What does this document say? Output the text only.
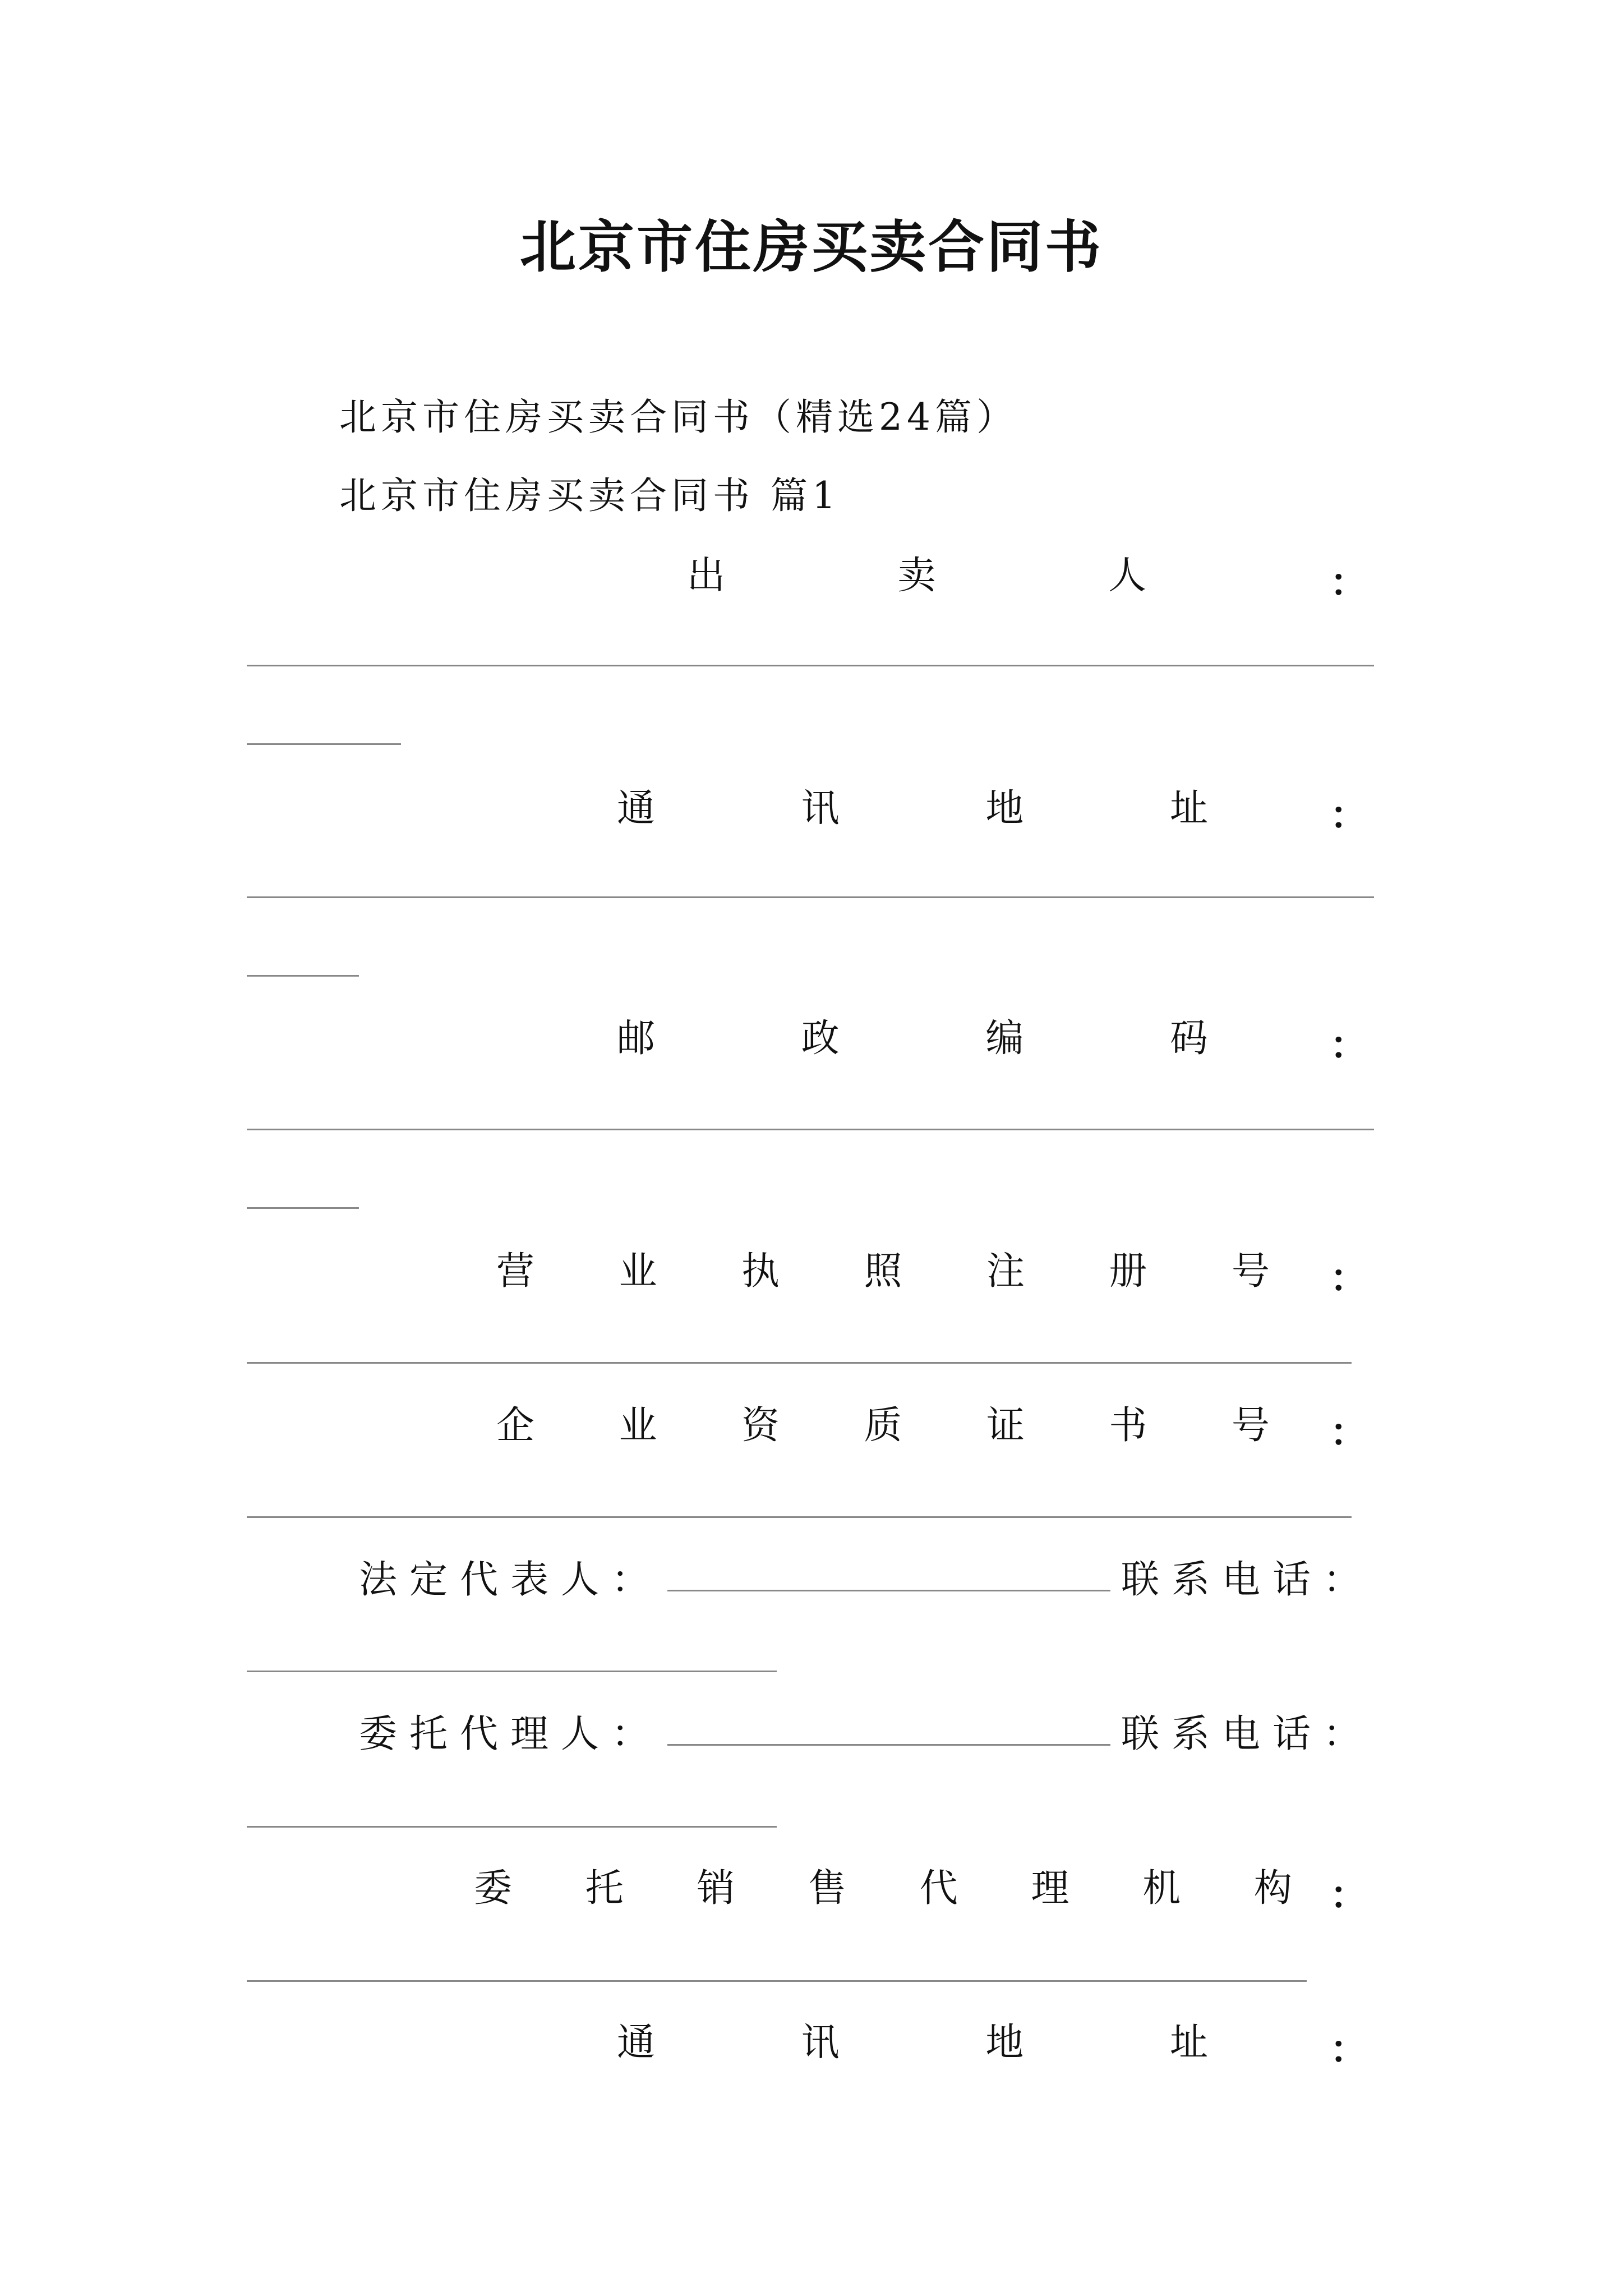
北京市住房买卖合同书
北京市住房买卖合同书（精选24篇）
北京市住房买卖合同书 篇1
出	卖	人	：
通	讯	地	址	：
邮	政	编	码	：
营 业 执 照 注 册 号 ：
企 业 资 质 证 书 号 ：
法定代表人：	联系电话：
委托代理人：	联系电话：
委 托 销 售 代 理 机 构 ：
通	讯	地	址	：
